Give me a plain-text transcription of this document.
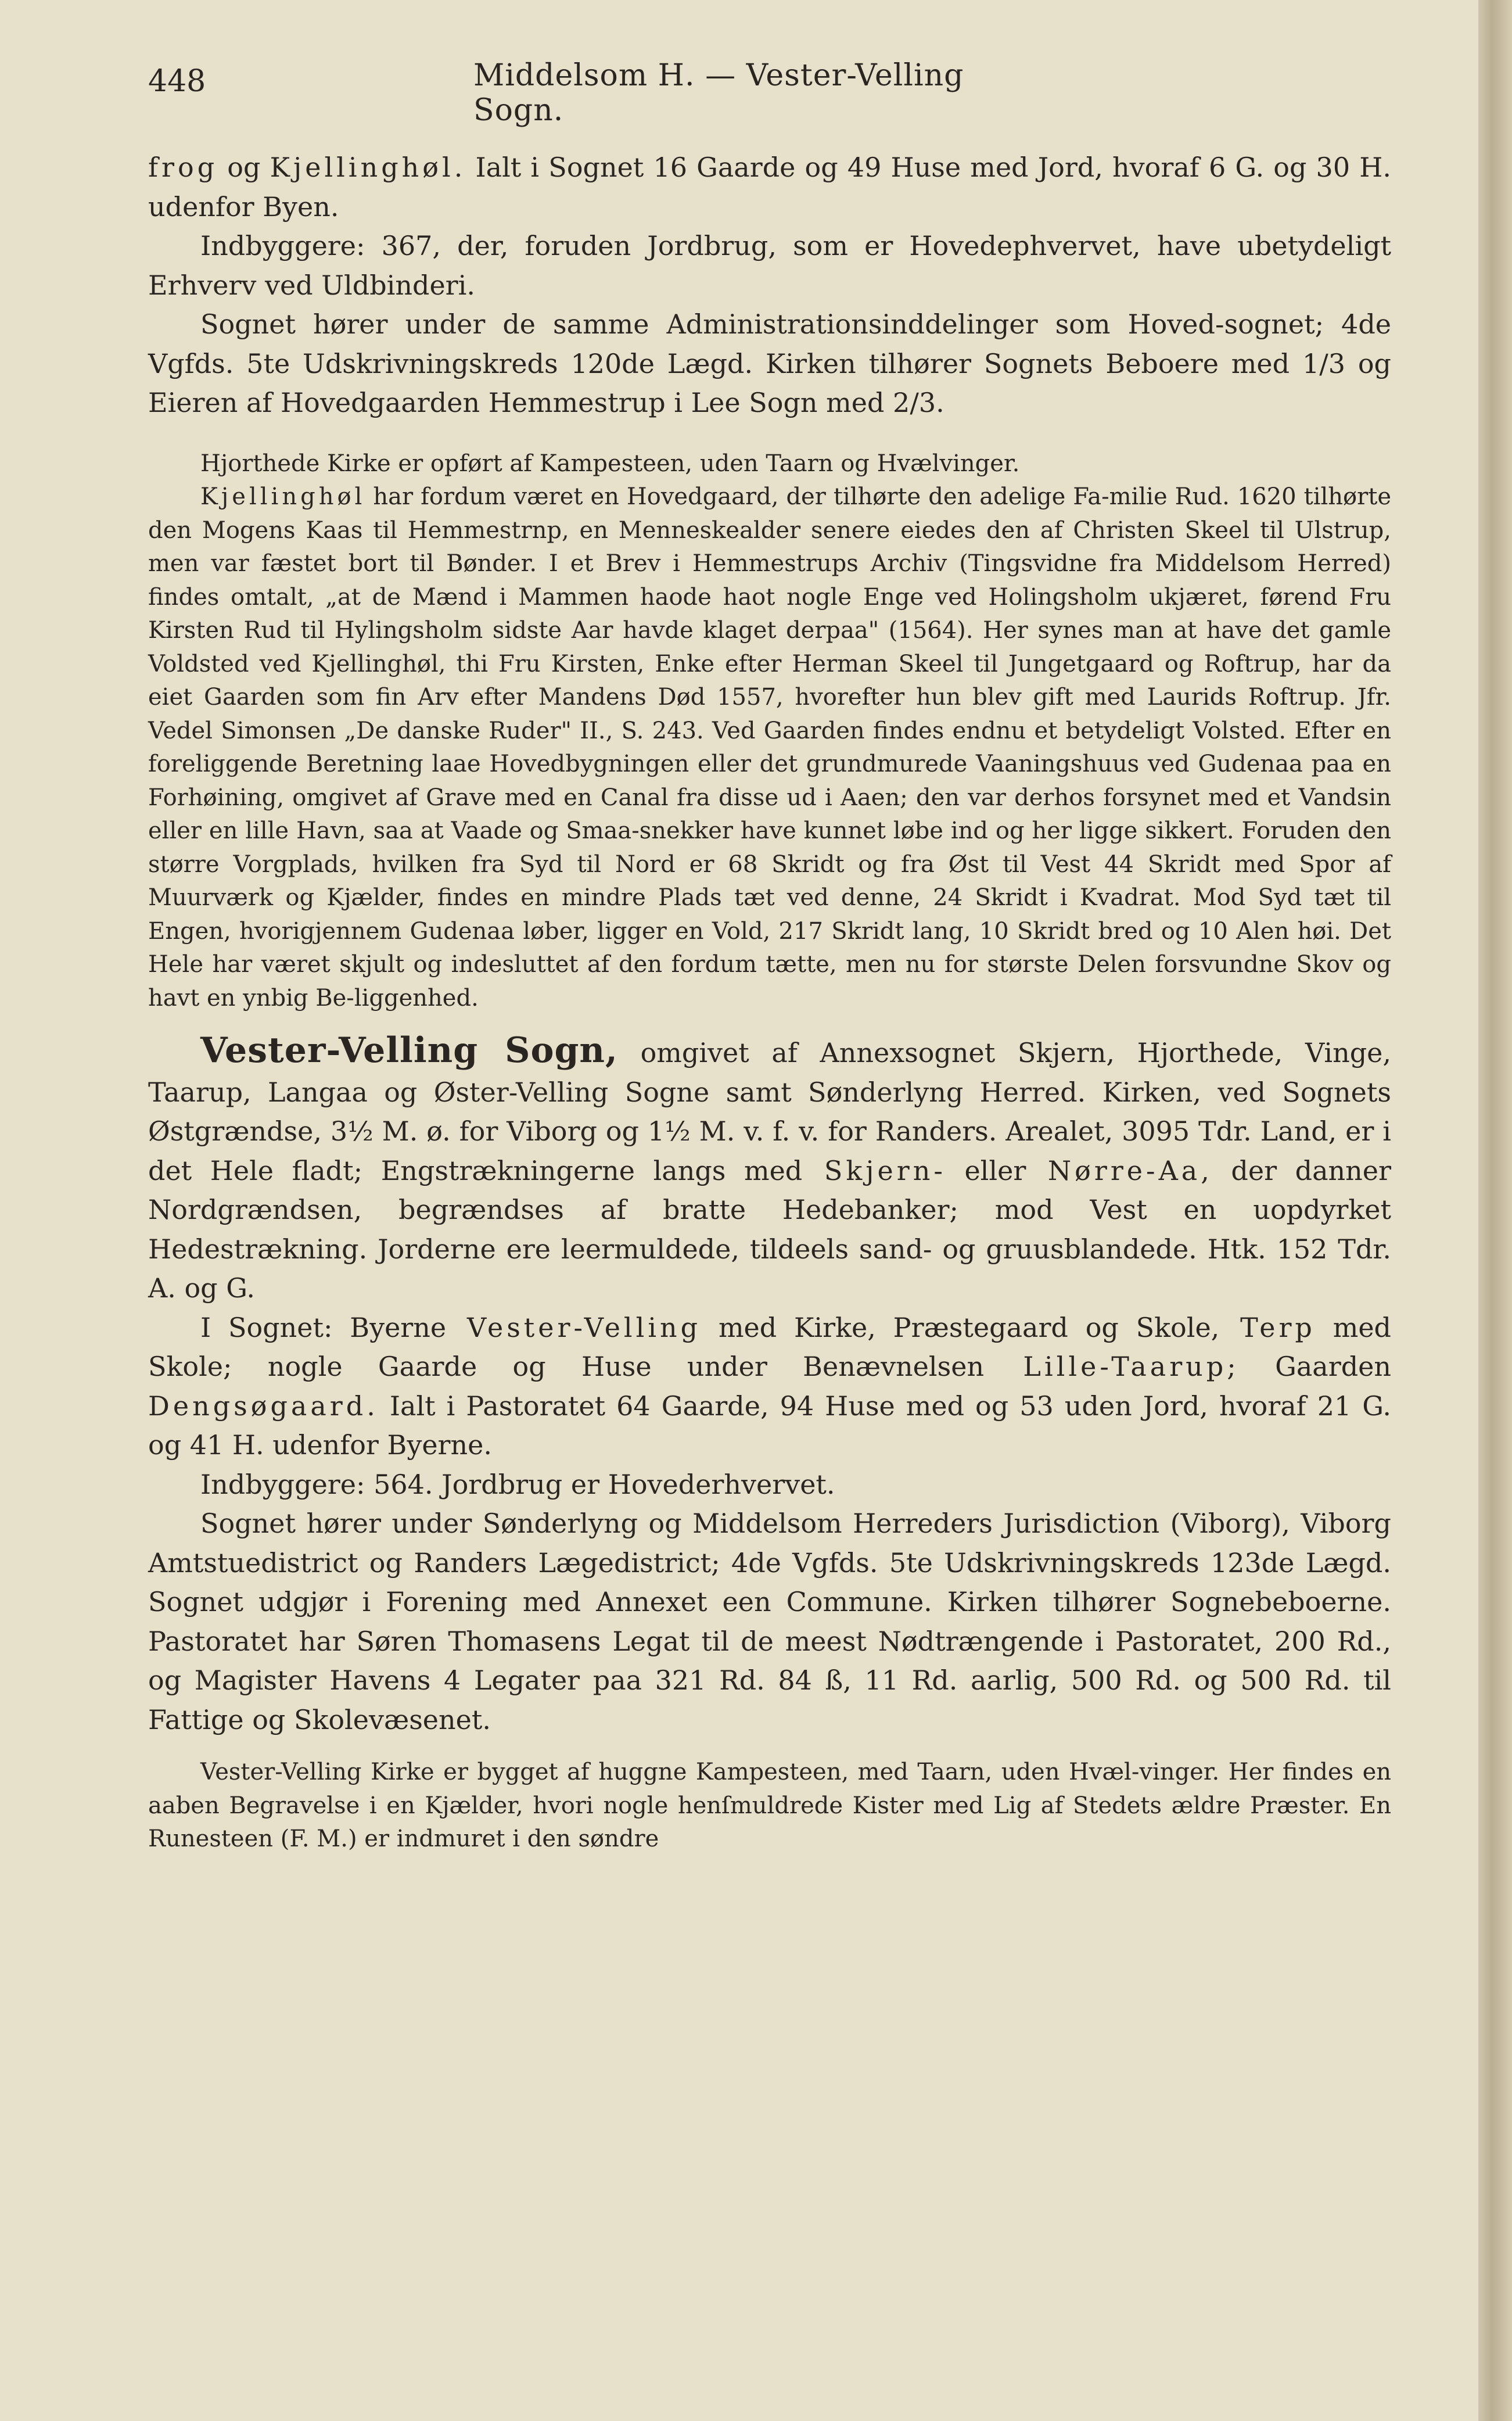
448	Middelsom H. — Vester-Velling Sogn.

frog og Kjellinghøl. Ialt i Sognet 16 Gaarde og 49 Huse med Jord, hvoraf 6 G. og 30 H. udenfor Byen.

Indbyggere: 367, der, foruden Jordbrug, som er Hovedерhvervet, have ubetydeligt Erhverv ved Uldbinderi.

Sognet hører under de samme Administrationsinddelinger som Hoved-sognet; 4de Vgfds. 5te Udskrivningskreds 120de Lægd. Kirken tilhører Sognets Beboere med 1/3 og Eieren af Hovedgaarden Hemmestrup i Lee Sogn med 2/3.

Hjorthede Kirke er opført af Kampesteen, uden Taarn og Hvælvinger.

Kjellinghøl har fordum været en Hovedgaard, der tilhørte den adelige Fa-milie Rud. 1620 tilhørte den Mogens Kaas til Hemmestrnp, en Menneskealder senere eiedes den af Christen Skeel til Ulstrup, men var fæstet bort til Bønder. I et Brev i Hemmestrups Archiv (Tingsvidne fra Middelsom Herred) findes omtalt, „at de Mænd i Mammen haode haot nogle Enge ved Holingsholm ukjæret, førend Fru Kirsten Rud til Hylingsholm sidste Aar havde klaget derpaa" (1564). Her synes man at have det gamle Voldsted ved Kjellinghøl, thi Fru Kirsten, Enke efter Herman Skeel til Jungetgaard og Roftrup, har da eiet Gaarden som fin Arv efter Mandens Død 1557, hvorefter hun blev gift med Laurids Roftrup. Jfr. Vedel Simonsen „De danske Ruder" II., S. 243. Ved Gaarden findes endnu et betydeligt Volsted. Efter en foreliggende Beretning laae Hovedbygningen eller det grundmurede Vaaningshuus ved Gudenaa paa en Forhøining, omgivet af Grave med en Canal fra disse ud i Aaen; den var derhos forsynet med et Vandsin eller en lille Havn, saa at Vaade og Smaa-snekker have kunnet løbe ind og her ligge sikkert. Foruden den større Vorgplads, hvilken fra Syd til Nord er 68 Skridt og fra Øst til Vest 44 Skridt med Spor af Muurværk og Kjælder, findes en mindre Plads tæt ved denne, 24 Skridt i Kvadrat. Mod Syd tæt til Engen, hvorigjennem Gudenaa løber, ligger en Vold, 217 Skridt lang, 10 Skridt bred og 10 Alen høi. Det Hele har været skjult og indesluttet af den fordum tætte, men nu for største Delen forsvundne Skov og havt en ynbig Be-liggenhed.

Vester-Velling Sogn, omgivet af Annexsognet Skjern, Hjorthede, Vinge, Taarup, Langaa og Øster-Velling Sogne samt Sønderlyng Herred. Kirken, ved Sognets Østgrændse, 3½ M. ø. for Viborg og 1½ M. v. f. v. for Randers. Arealet, 3095 Tdr. Land, er i det Hele fladt; Engstrækningerne langs med Skjern- eller Nørre-Aa, der danner Nordgrændsen, begrændses af bratte Hedebanker; mod Vest en uopdyrket Hedestrækning. Jorderne ere leermuldede, tildeels sand- og gruusblandede. Htk. 152 Tdr. A. og G.

I Sognet: Byerne Vester-Velling med Kirke, Præstegaard og Skole, Terp med Skole; nogle Gaarde og Huse under Benævnelsen Lille-Taarup; Gaarden Dengsøgaard. Ialt i Pastoratet 64 Gaarde, 94 Huse med og 53 uden Jord, hvoraf 21 G. og 41 H. udenfor Byerne.

Indbyggere: 564. Jordbrug er Hovederhvervet.

Sognet hører under Sønderlyng og Middelsom Herreders Jurisdiction (Viborg), Viborg Amtstuedistrict og Randers Lægedistrict; 4de Vgfds. 5te Udskrivningskreds 123de Lægd. Sognet udgjør i Forening med Annexet een Commune. Kirken tilhører Sognebeboerne. Pastoratet har Søren Thomasens Legat til de meest Nødtrængende i Pastoratet, 200 Rd., og Magister Havens 4 Legater paa 321 Rd. 84 ß, 11 Rd. aarlig, 500 Rd. og 500 Rd. til Fattige og Skolevæsenet.

Vester-Velling Kirke er bygget af huggne Kampesteen, med Taarn, uden Hvæl-vinger. Her findes en aaben Begravelse i en Kjælder, hvori nogle henſmuldrede Kister med Lig af Stedets ældre Præster. En Runesteen (F. M.) er indmuret i den søndre
